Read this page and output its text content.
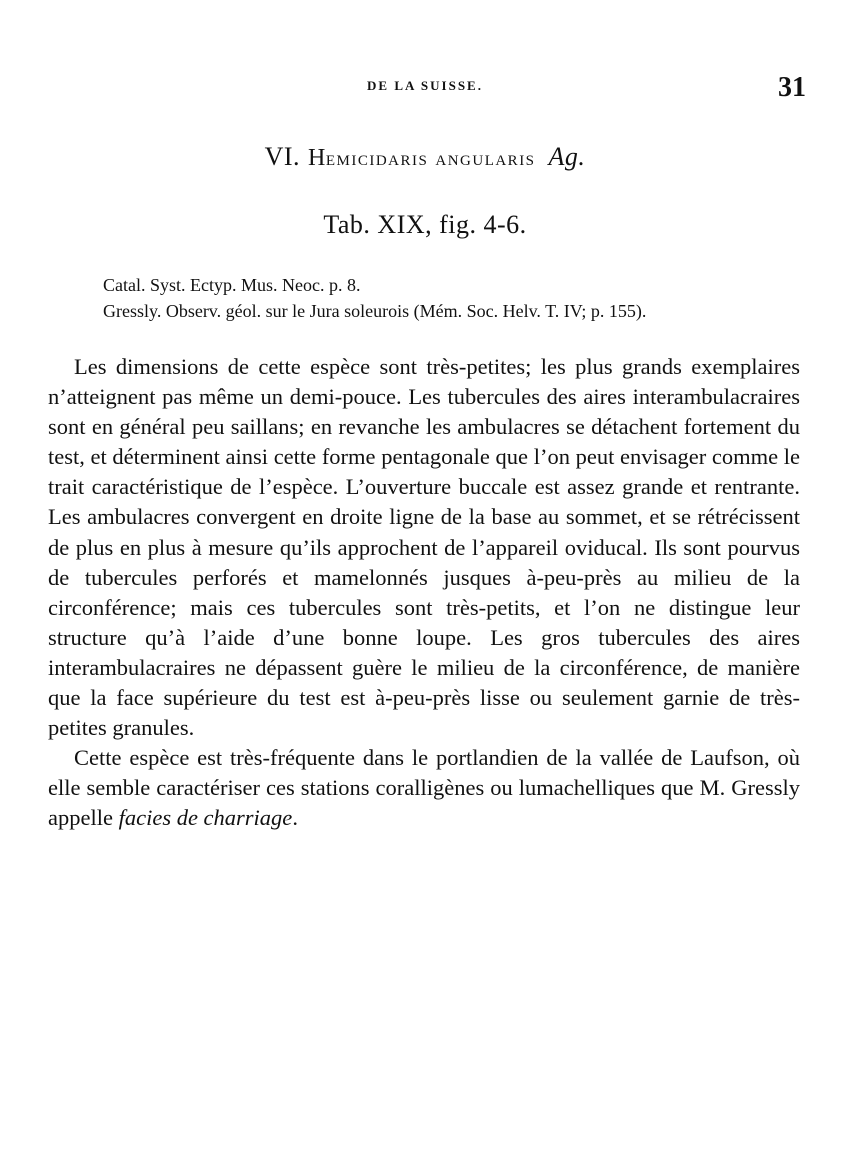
DE LA SUISSE.	31
VI. HEMICIDARIS ANGULARIS Ag.
Tab. XIX, fig. 4-6.
Catal. Syst. Ectyp. Mus. Neoc. p. 8.
Gressly. Observ. géol. sur le Jura soleurois (Mém. Soc. Helv. T. IV; p. 155).

Les dimensions de cette espèce sont très-petites; les plus grands exemplaires n’atteignent pas même un demi-pouce. Les tubercules des aires interambulacraires sont en général peu saillans; en revanche les ambulacres se détachent fortement du test, et déterminent ainsi cette forme pentagonale que l’on peut envisager comme le trait caractéristique de l’espèce. L’ouverture buccale est assez grande et rentrante. Les ambulacres convergent en droite ligne de la base au sommet, et se rétrécissent de plus en plus à mesure qu’ils approchent de l’appareil oviducal. Ils sont pourvus de tubercules perforés et mamelonnés jusques à-peu-près au milieu de la circonférence; mais ces tubercules sont très-petits, et l’on ne distingue leur structure qu’à l’aide d’une bonne loupe. Les gros tubercules des aires interambulacraires ne dépassent guère le milieu de la circonférence, de manière que la face supérieure du test est à-peu-près lisse ou seulement garnie de très-petites granules.

Cette espèce est très-fréquente dans le portlandien de la vallée de Laufson, où elle semble caractériser ces stations coralligènes ou lumachelliques que M. Gressly appelle facies de charriage.
